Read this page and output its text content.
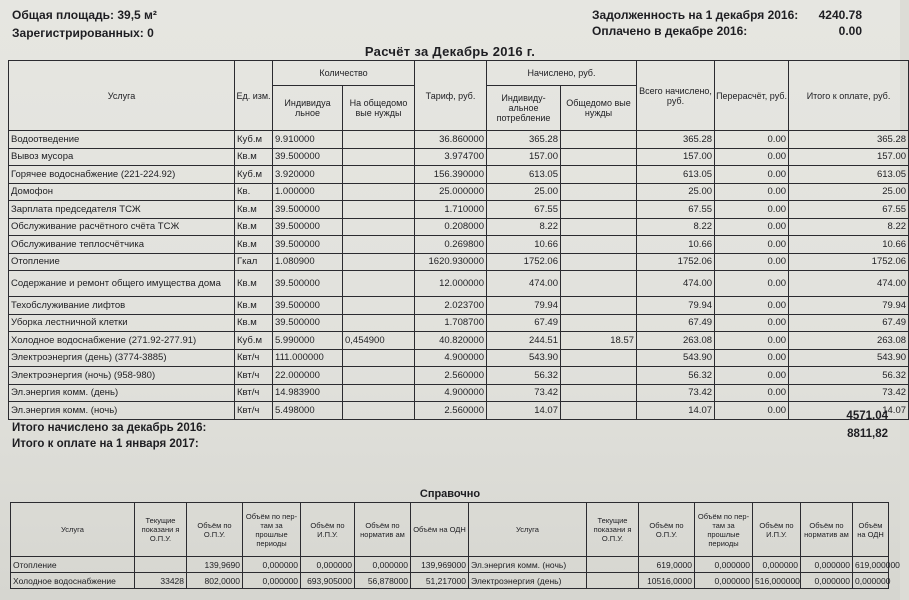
Общая площадь: 39,5 м²
Зарегистрированных: 0
Задолженность на 1 декабря 2016: 4240.78
Оплачено в декабре 2016:	0.00
Расчёт за Декабрь 2016 г.
Услуга	Ед. изм.	Количество		Тариф, руб.	Начислено, руб.		Всего начислено, руб.	Перерасчёт, руб.	Итого к оплате, руб.
		Индивидуа льное	На общедомо вые нужды		Индивиду- альное потребление	Общедомо вые нужды			
Водоотведение	Куб.м	9.910000		36.860000	365.28		365.28	0.00	365.28
Вывоз мусора	Кв.м	39.500000		3.974700	157.00		157.00	0.00	157.00
Горячее водоснабжение (221-224.92)	Куб.м	3.920000		156.390000	613.05		613.05	0.00	613.05
Домофон	Кв.	1.000000		25.000000	25.00		25.00	0.00	25.00
Зарплата председателя ТСЖ	Кв.м	39.500000		1.710000	67.55		67.55	0.00	67.55
Обслуживание расчётного счёта ТСЖ	Кв.м	39.500000		0.208000	8.22		8.22	0.00	8.22
Обслуживание теплосчётчика	Кв.м	39.500000		0.269800	10.66		10.66	0.00	10.66
Отопление	Гкал	1.080900		1620.930000	1752.06		1752.06	0.00	1752.06
Содержание и ремонт общего имущества дома	Кв.м	39.500000		12.000000	474.00		474.00	0.00	474.00
Техобслуживание лифтов	Кв.м	39.500000		2.023700	79.94		79.94	0.00	79.94
Уборка лестничной клетки	Кв.м	39.500000		1.708700	67.49		67.49	0.00	67.49
Холодное водоснабжение (271.92-277.91)	Куб.м	5.990000	0,454900	40.820000	244.51	18.57	263.08	0.00	263.08
Электроэнергия (день) (3774-3885)	Квт/ч	111.000000		4.900000	543.90		543.90	0.00	543.90
Электроэнергия (ночь) (958-980)	Квт/ч	22.000000		2.560000	56.32		56.32	0.00	56.32
Эл.энергия комм. (день)	Квт/ч	14.983900		4.900000	73.42		73.42	0.00	73.42
Эл.энергия комм. (ночь)	Квт/ч	5.498000		2.560000	14.07		14.07	0.00	14.07
Итого начислено за декабрь 2016:
4571.04
Итого к оплате на 1 января 2017:
8811,82
Справочно
Услуга	Текущие показани я О.П.У.	Объём по О.П.У.	Объём по пер-там за прошлые периоды	Объём по И.П.У.	Объём по норматив ам	Объём на ОДН	Услуга	Текущие показани я О.П.У.	Объём по О.П.У.	Объём по пер-там за прошлые периоды	Объём по И.П.У.	Объём по норматив ам	Объём на ОДН
Отопление		139,9690	0,000000	0,000000	0,000000	139,969000	Эл.энергия комм. (ночь)		619,0000	0,000000	0,000000	0,000000	619,000000
Холодное водоснабжение	33428	802,0000	0,000000	693,905000	56,878000	51,217000	Электроэнергия (день)		10516,0000	0,000000	516,000000	0,000000	0,000000
